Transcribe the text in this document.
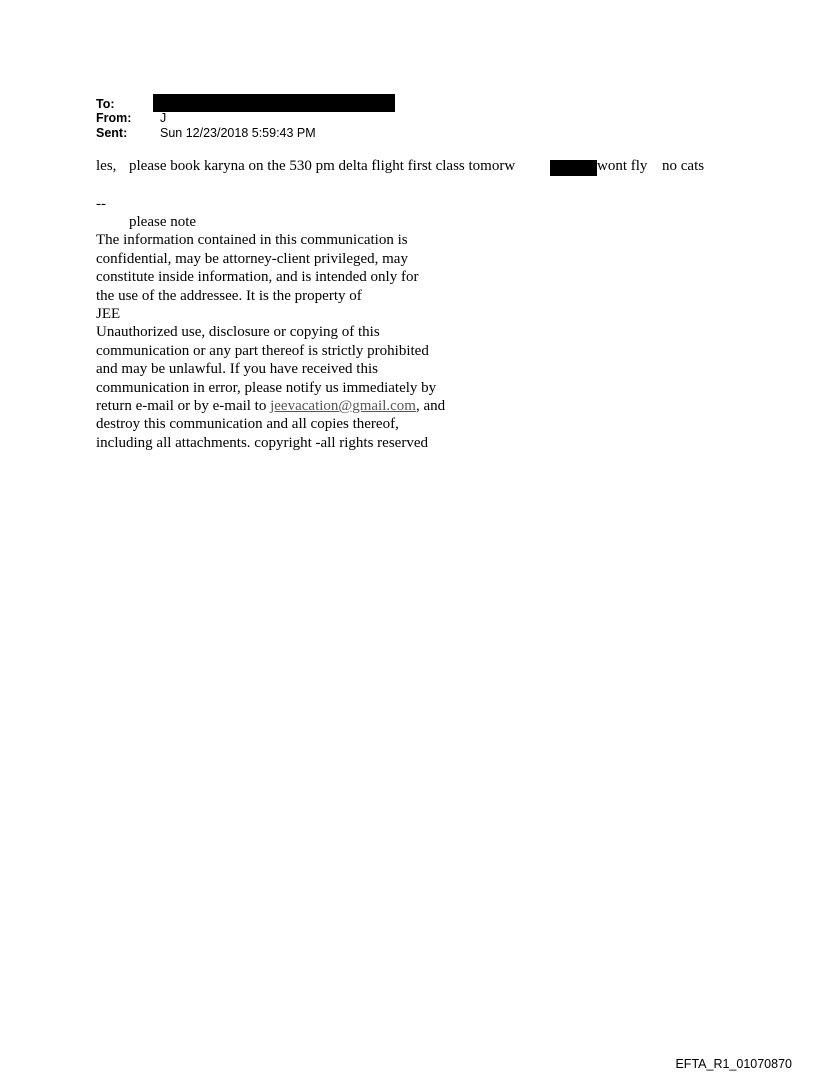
To:
From: J
Sent:	Sun 12/23/2018 5:59:43 PM
les, please book karyna on the 530 pm delta flight first class tomorw	wont fly no cats
--
please note
The information contained in this communication is
confidential, may be attorney-client privileged, may
constitute inside information, and is intended only for
the use of the addressee. It is the property of
JEE
Unauthorized use, disclosure or copying of this
communication or any part thereof is strictly prohibited
and may be unlawful. If you have received this
communication in error, please notify us immediately by
return e-mail or by e-mail to jeevacation@gmail.com, and
destroy this communication and all copies thereof,
including all attachments. copyright -all rights reserved
EFTA_R1_01070870
